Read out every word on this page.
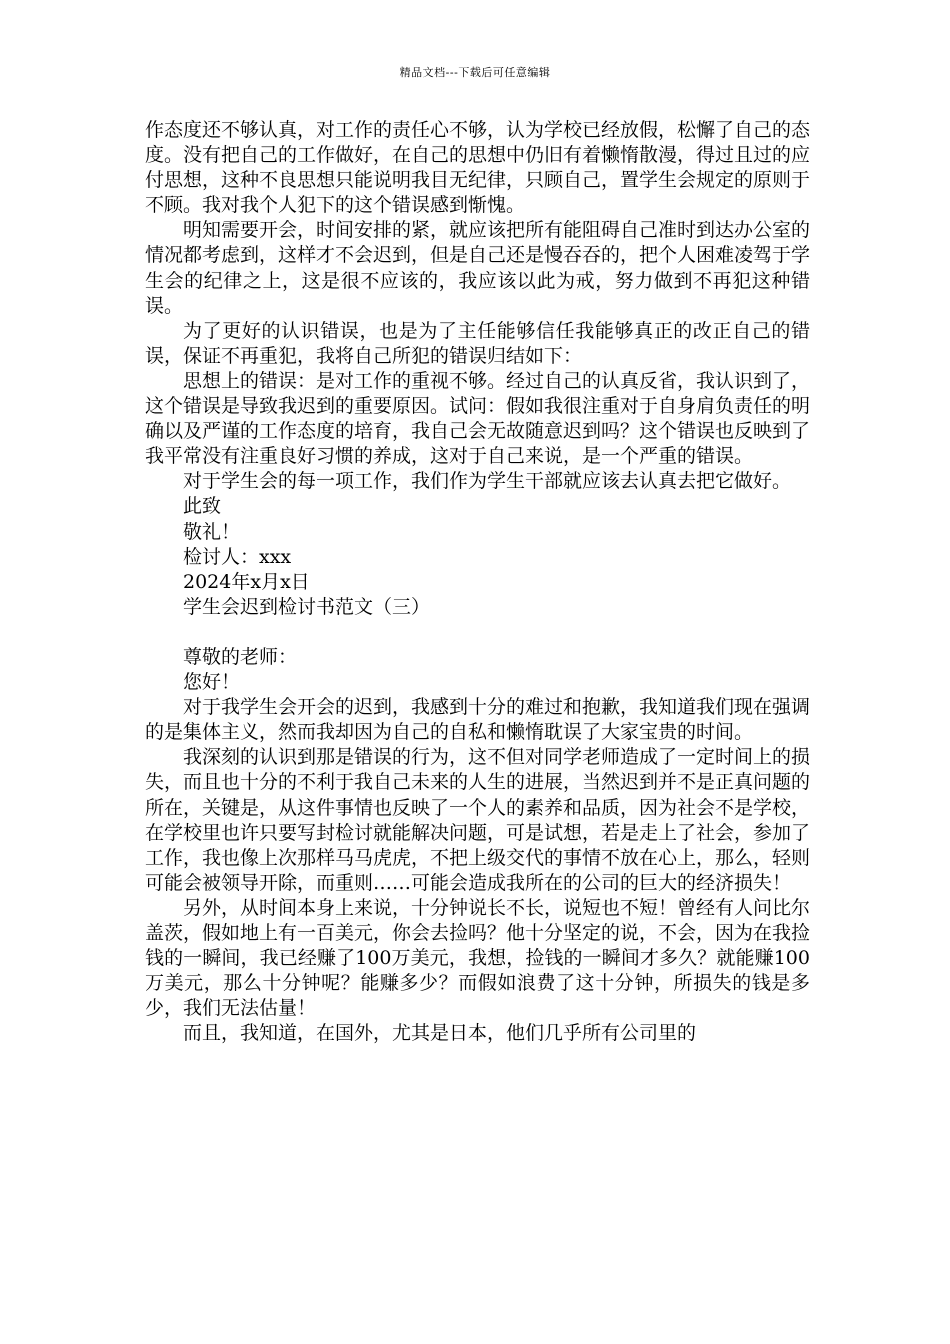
精品文档---下载后可任意编辑

作态度还不够认真，对工作的责任心不够，认为学校已经放假，松懈了自己的态度。没有把自己的工作做好，在自己的思想中仍旧有着懒惰散漫，得过且过的应付思想，这种不良思想只能说明我目无纪律，只顾自己，置学生会规定的原则于不顾。我对我个人犯下的这个错误感到惭愧。

明知需要开会，时间安排的紧，就应该把所有能阻碍自己准时到达办公室的情况都考虑到，这样才不会迟到，但是自己还是慢吞吞的，把个人困难凌驾于学生会的纪律之上，这是很不应该的，我应该以此为戒，努力做到不再犯这种错误。

为了更好的认识错误，也是为了主任能够信任我能够真正的改正自己的错误，保证不再重犯，我将自己所犯的错误归结如下：

思想上的错误：是对工作的重视不够。经过自己的认真反省，我认识到了，这个错误是导致我迟到的重要原因。试问：假如我很注重对于自身肩负责任的明确以及严谨的工作态度的培育，我自己会无故随意迟到吗？这个错误也反映到了我平常没有注重良好习惯的养成，这对于自己来说，是一个严重的错误。

对于学生会的每一项工作，我们作为学生干部就应该去认真去把它做好。

此致

敬礼！

检讨人：xxx

2024年x月x日

学生会迟到检讨书范文（三）

尊敬的老师：

您好！

对于我学生会开会的迟到，我感到十分的难过和抱歉，我知道我们现在强调的是集体主义，然而我却因为自己的自私和懒惰耽误了大家宝贵的时间。

我深刻的认识到那是错误的行为，这不但对同学老师造成了一定时间上的损失，而且也十分的不利于我自己未来的人生的进展，当然迟到并不是正真问题的所在，关键是，从这件事情也反映了一个人的素养和品质，因为社会不是学校，在学校里也许只要写封检讨就能解决问题，可是试想，若是走上了社会，参加了工作，我也像上次那样马马虎虎，不把上级交代的事情不放在心上，那么，轻则可能会被领导开除，而重则……可能会造成我所在的公司的巨大的经济损失！

另外，从时间本身上来说，十分钟说长不长，说短也不短！曾经有人问比尔盖茨，假如地上有一百美元，你会去捡吗？他十分坚定的说，不会，因为在我捡钱的一瞬间，我已经赚了100万美元，我想，捡钱的一瞬间才多久？就能赚100万美元，那么十分钟呢？能赚多少？而假如浪费了这十分钟，所损失的钱是多少，我们无法估量！

而且，我知道，在国外，尤其是日本，他们几乎所有公司里的
